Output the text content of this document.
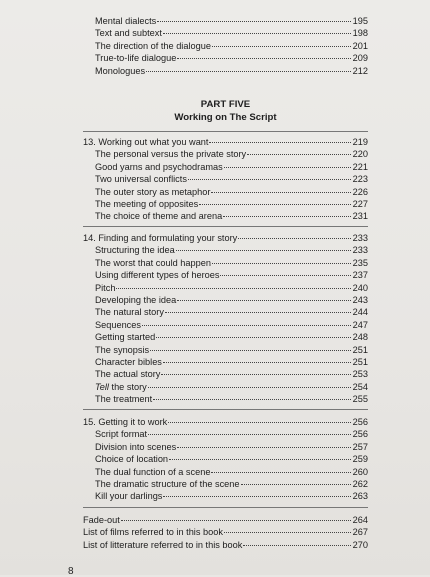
Mental dialects	195
Text and subtext	198
The direction of the dialogue	201
True-to-life dialogue	209
Monologues	212
PART FIVE
Working on The Script
13. Working out what you want	219
The personal versus the private story	220
Good yarns and psychodramas	221
Two universal conflicts	223
The outer story as metaphor	226
The meeting of opposites	227
The choice of theme and arena	231
14. Finding and formulating your story	233
Structuring the idea	233
The worst that could happen	235
Using different types of heroes	237
Pitch	240
Developing the idea	243
The natural story	244
Sequences	247
Getting started	248
The synopsis	251
Character bibles	251
The actual story	253
Tell the story	254
The treatment	255
15. Getting it to work	256
Script format	256
Division into scenes	257
Choice of location	259
The dual function of a scene	260
The dramatic structure of the scene	262
Kill your darlings	263
Fade-out	264
List of films referred to in this book	267
List of litterature referred to in this book	270
8
